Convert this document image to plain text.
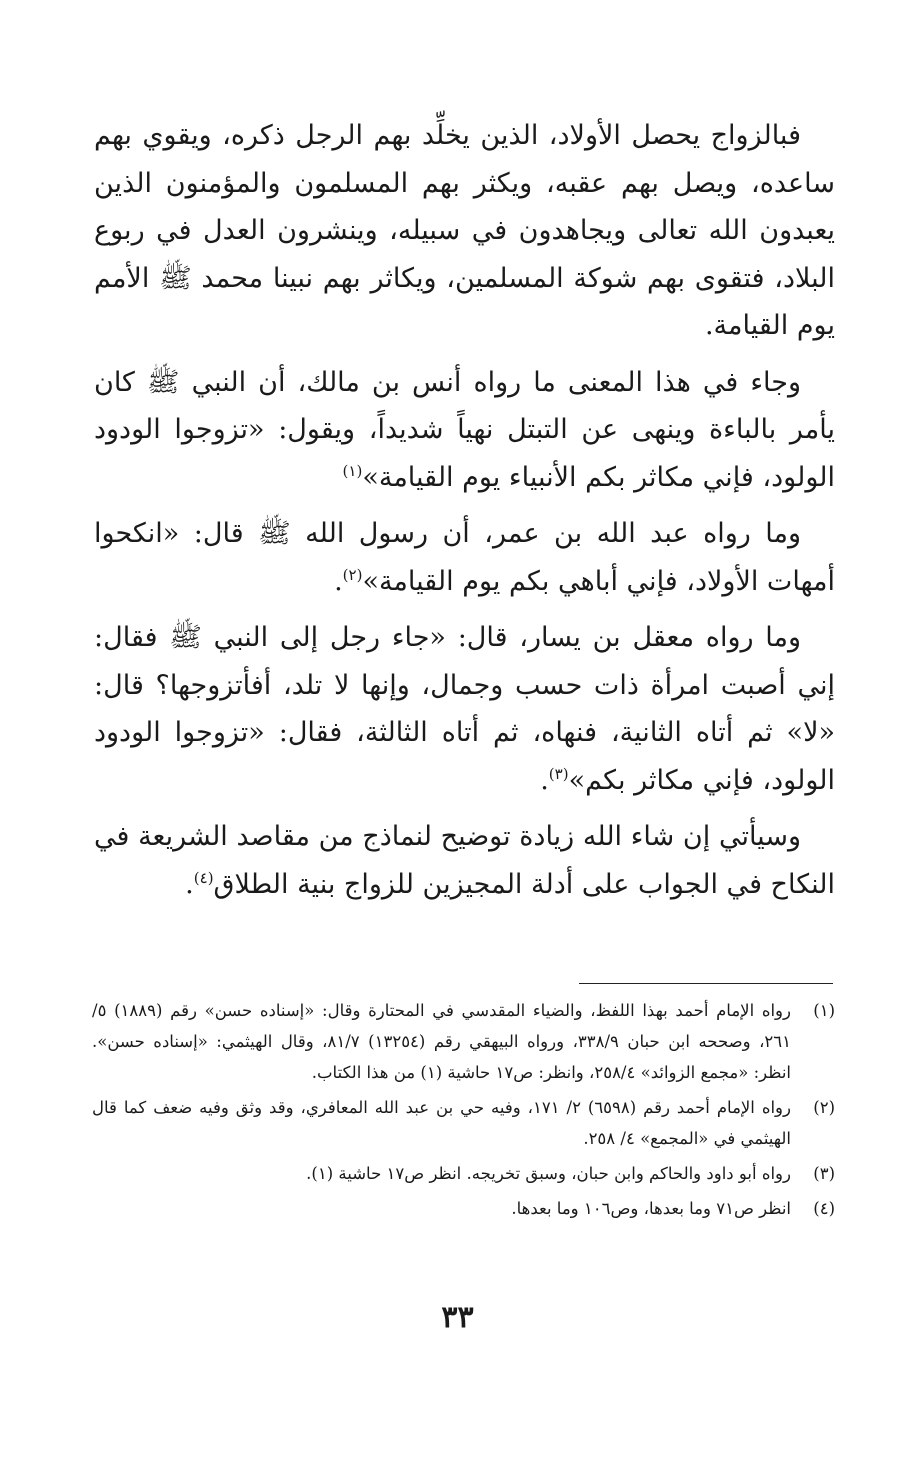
فبالزواج يحصل الأولاد، الذين يخلِّد بهم الرجل ذكره، ويقوي بهم ساعده، ويصل بهم عقبه، ويكثر بهم المسلمون والمؤمنون الذين يعبدون الله تعالى ويجاهدون في سبيله، وينشرون العدل في ربوع البلاد، فتقوى بهم شوكة المسلمين، ويكاثر بهم نبينا محمد ﷺ الأمم يوم القيامة.

وجاء في هذا المعنى ما رواه أنس بن مالك، أن النبي ﷺ كان يأمر بالباءة وينهى عن التبتل نهياً شديداً، ويقول: «تزوجوا الودود الولود، فإني مكاثر بكم الأنبياء يوم القيامة»$^{(١)}$

وما رواه عبد الله بن عمر، أن رسول الله ﷺ قال: «انكحوا أمهات الأولاد، فإني أباهي بكم يوم القيامة»$^{(٢)}$.

وما رواه معقل بن يسار، قال: «جاء رجل إلى النبي ﷺ فقال: إني أصبت امرأة ذات حسب وجمال، وإنها لا تلد، أفأتزوجها؟ قال: «لا» ثم أتاه الثانية، فنهاه، ثم أتاه الثالثة، فقال: «تزوجوا الودود الولود، فإني مكاثر بكم»$^{(٣)}$.

وسيأتي إن شاء الله زيادة توضيح لنماذج من مقاصد الشريعة في النكاح في الجواب على أدلة المجيزين للزواج بنية الطلاق$^{(٤)}$.

(١)
رواه الإمام أحمد بهذا اللفظ، والضياء المقدسي في المحتارة وقال: «إسناده حسن» رقم (١٨٨٩) ٥/ ٢٦١، وصححه ابن حبان ٣٣٨/٩، ورواه البيهقي رقم (١٣٢٥٤) ٨١/٧، وقال الهيثمي: «إسناده حسن». انظر: «مجمع الزوائد» ٢٥٨/٤، وانظر: ص١٧ حاشية (١) من هذا الكتاب.

(٢)
رواه الإمام أحمد رقم (٦٥٩٨) ٢/ ١٧١، وفيه حي بن عبد الله المعافري، وقد وثق وفيه ضعف كما قال الهيثمي في «المجمع» ٤/ ٢٥٨.

(٣)
رواه أبو داود والحاكم وابن حبان، وسبق تخريجه. انظر ص١٧ حاشية (١).

(٤)
انظر ص٧١ وما بعدها، وص١٠٦ وما بعدها.

٣٣
